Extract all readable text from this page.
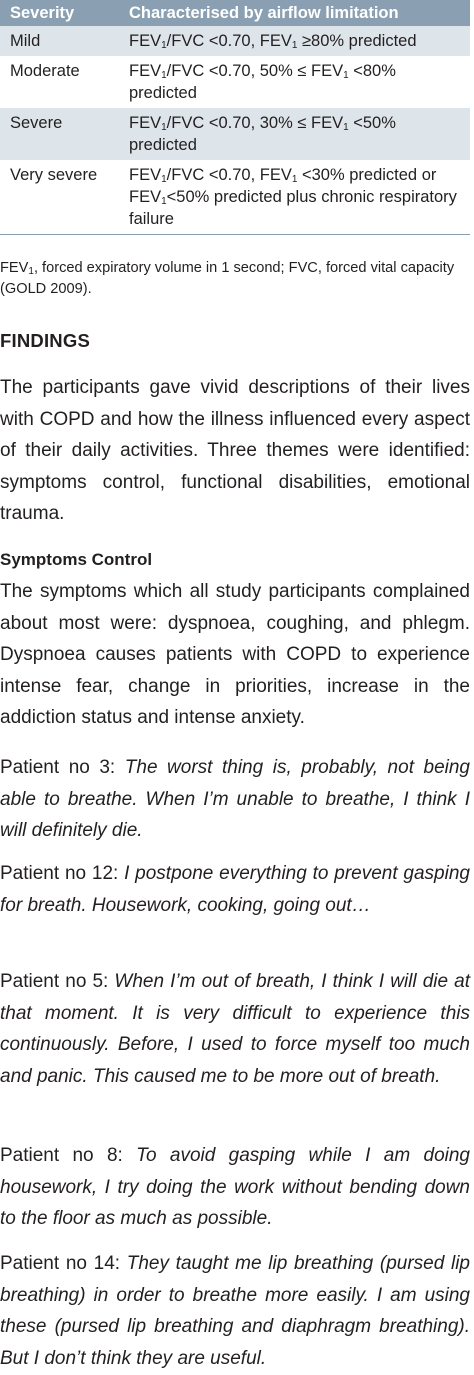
Severity	Characterised by airflow limitation
Mild	$FEV_1$/FVC <0.70, $FEV_1 \ge 80\%$ predicted
Moderate	$FEV_1$/FVC <0.70, $50\% \le FEV_1 <80\%$ predicted
Severe	$FEV_1$/FVC <0.70, $30\% \le FEV_1 <50\%$ predicted
Very severe	$FEV_1$/FVC <0.70, $FEV_1 <30\%$ predicted or $FEV_1<50\%$ predicted plus chronic respiratory failure
$FEV_1$, forced expiratory volume in 1 second; FVC, forced vital capacity (GOLD 2009).
FINDINGS

The participants gave vivid descriptions of their lives with COPD and how the illness influenced every aspect of their daily activities. Three themes were identified: symptoms control, functional disabilities, emotional trauma.

Symptoms Control

The symptoms which all study participants complained about most were: dyspnoea, coughing, and phlegm. Dyspnoea causes patients with COPD to experience intense fear, change in priorities, increase in the addiction status and intense anxiety.

Patient no 3: The worst thing is, probably, not being able to breathe. When I’m unable to breathe, I think I will definitely die.

Patient no 12: I postpone everything to prevent gasping for breath. Housework, cooking, going out…

Patient no 5: When I’m out of breath, I think I will die at that moment. It is very difficult to experience this continuously. Before, I used to force myself too much and panic. This caused me to be more out of breath.

Patient no 8: To avoid gasping while I am doing housework, I try doing the work without bending down to the floor as much as possible.

Patient no 14: They taught me lip breathing (pursed lip breathing) in order to breathe more easily. I am using these (pursed lip breathing and diaphragm breathing). But I don’t think they are useful.
